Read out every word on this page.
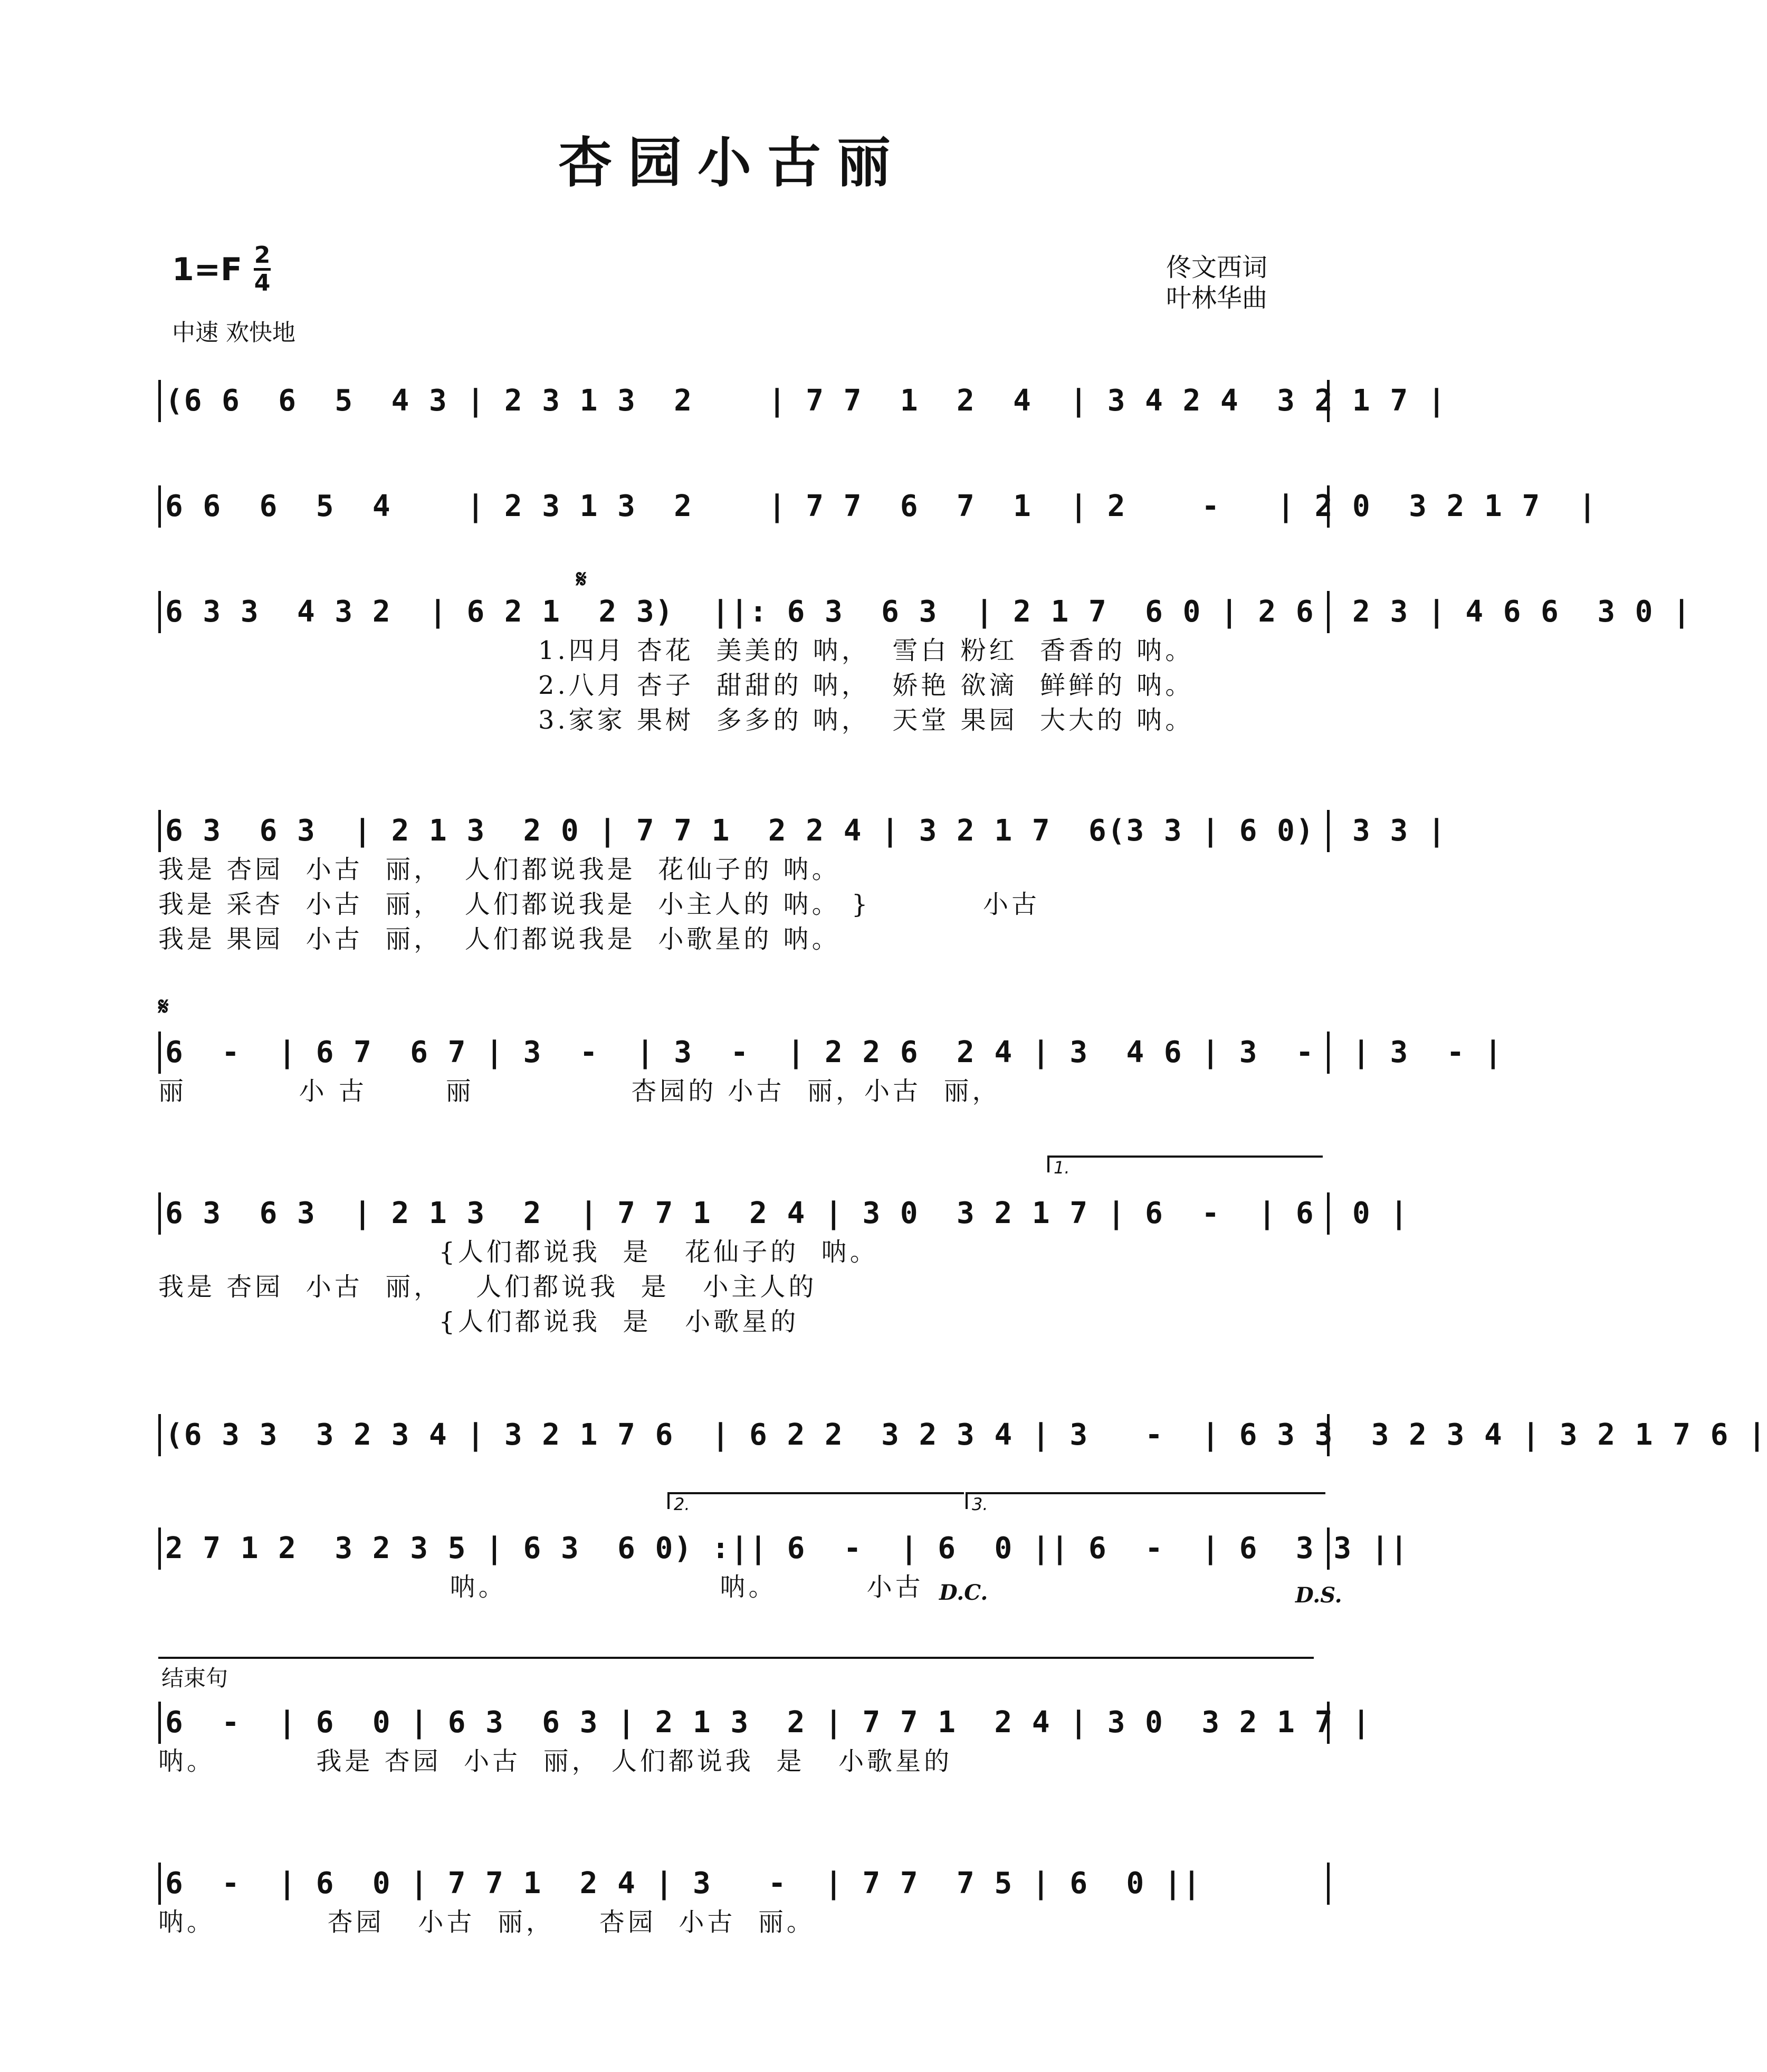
杏园小古丽
1=F 2
4
中速 欢快地
佟文西词
叶林华曲
(6 6  6  5  4 3 | 2 3 1 3  2    | 7 7  1  2  4  | 3 4 2 4  3 2 1 7 |
6 6  6  5  4    | 2 3 1 3  2    | 7 7  6  7  1  | 2    -   | 2 0  3 2 1 7  |
𝄋
6 3 3  4 3 2  | 6 2 1  2 3)  ||: 6 3  6 3  | 2 1 7  6 0 | 2 6  2 3 | 4 6 6  3 0 |
1.四月 杏花  美美的 呐，  雪白 粉红  香香的 呐。
2.八月 杏子  甜甜的 呐，  娇艳 欲滴  鲜鲜的 呐。
3.家家 果树  多多的 呐，  天堂 果园  大大的 呐。
6 3  6 3  | 2 1 3  2 0 | 7 7 1  2 2 4 | 3 2 1 7  6(3 3 | 6 0)  3 3 |
我是 杏园  小古  丽，  人们都说我是  花仙子的 呐。
我是 采杏  小古  丽，  人们都说我是  小主人的 呐。 }          小古
我是 果园  小古  丽，  人们都说我是  小歌星的 呐。
𝄋
6  -  | 6 7  6 7 | 3  -  | 3  -  | 2 2 6  2 4 | 3  4 6 | 3  -  | 3  - |
丽          小 古       丽              杏园的 小古  丽，小古  丽，
1.
6 3  6 3  | 2 1 3  2  | 7 7 1  2 4 | 3 0  3 2 1 7 | 6  -  | 6  0 |
{人们都说我  是   花仙子的  呐。
我是 杏园  小古  丽，   人们都说我  是   小主人的
{人们都说我  是   小歌星的
(6 3 3  3 2 3 4 | 3 2 1 7 6  | 6 2 2  3 2 3 4 | 3   -  | 6 3 3  3 2 3 4 | 3 2 1 7 6 |
2.	3.
2 7 1 2  3 2 3 5 | 6 3  6 0) :|| 6  -  | 6  0 || 6  -  | 6  3 3 ||
呐。                   呐。        小古 D.C.	D.S.
结束句
6  -  | 6  0 | 6 3  6 3 | 2 1 3  2 | 7 7 1  2 4 | 3 0  3 2 1 7 |
呐。         我是 杏园  小古  丽， 人们都说我  是   小歌星的
6  -  | 6  0 | 7 7 1  2 4 | 3   -  | 7 7  7 5 | 6  0 ||
呐。          杏园   小古  丽，    杏园  小古  丽。
